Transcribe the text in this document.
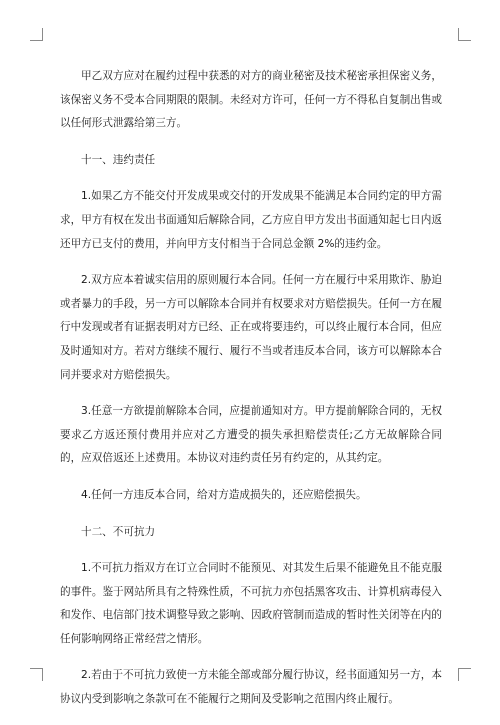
甲乙双方应对在履约过程中获悉的对方的商业秘密及技术秘密承担保密义务，该保密义务不受本合同期限的限制。未经对方许可，任何一方不得私自复制出售或以任何形式泄露给第三方。

十一、违约责任

1.如果乙方不能交付开发成果或交付的开发成果不能满足本合同约定的甲方需求，甲方有权在发出书面通知后解除合同，乙方应自甲方发出书面通知起七日内返还甲方已支付的费用，并向甲方支付相当于合同总金额 2%的违约金。

2.双方应本着诚实信用的原则履行本合同。任何一方在履行中采用欺诈、胁迫或者暴力的手段，另一方可以解除本合同并有权要求对方赔偿损失。任何一方在履行中发现或者有证据表明对方已经、正在或将要违约，可以终止履行本合同，但应及时通知对方。若对方继续不履行、履行不当或者违反本合同，该方可以解除本合同并要求对方赔偿损失。

3.任意一方欲提前解除本合同，应提前通知对方。甲方提前解除合同的，无权要求乙方返还预付费用并应对乙方遭受的损失承担赔偿责任;乙方无故解除合同的，应双倍返还上述费用。本协议对违约责任另有约定的，从其约定。

4.任何一方违反本合同，给对方造成损失的，还应赔偿损失。

十二、不可抗力

1.不可抗力指双方在订立合同时不能预见、对其发生后果不能避免且不能克服的事件。鉴于网站所具有之特殊性质，不可抗力亦包括黑客攻击、计算机病毒侵入和发作、电信部门技术调整导致之影响、因政府管制而造成的暂时性关闭等在内的任何影响网络正常经营之情形。

2.若由于不可抗力致使一方未能全部或部分履行协议，经书面通知另一方，本协议内受到影响之条款可在不能履行之期间及受影响之范围内终止履行。
